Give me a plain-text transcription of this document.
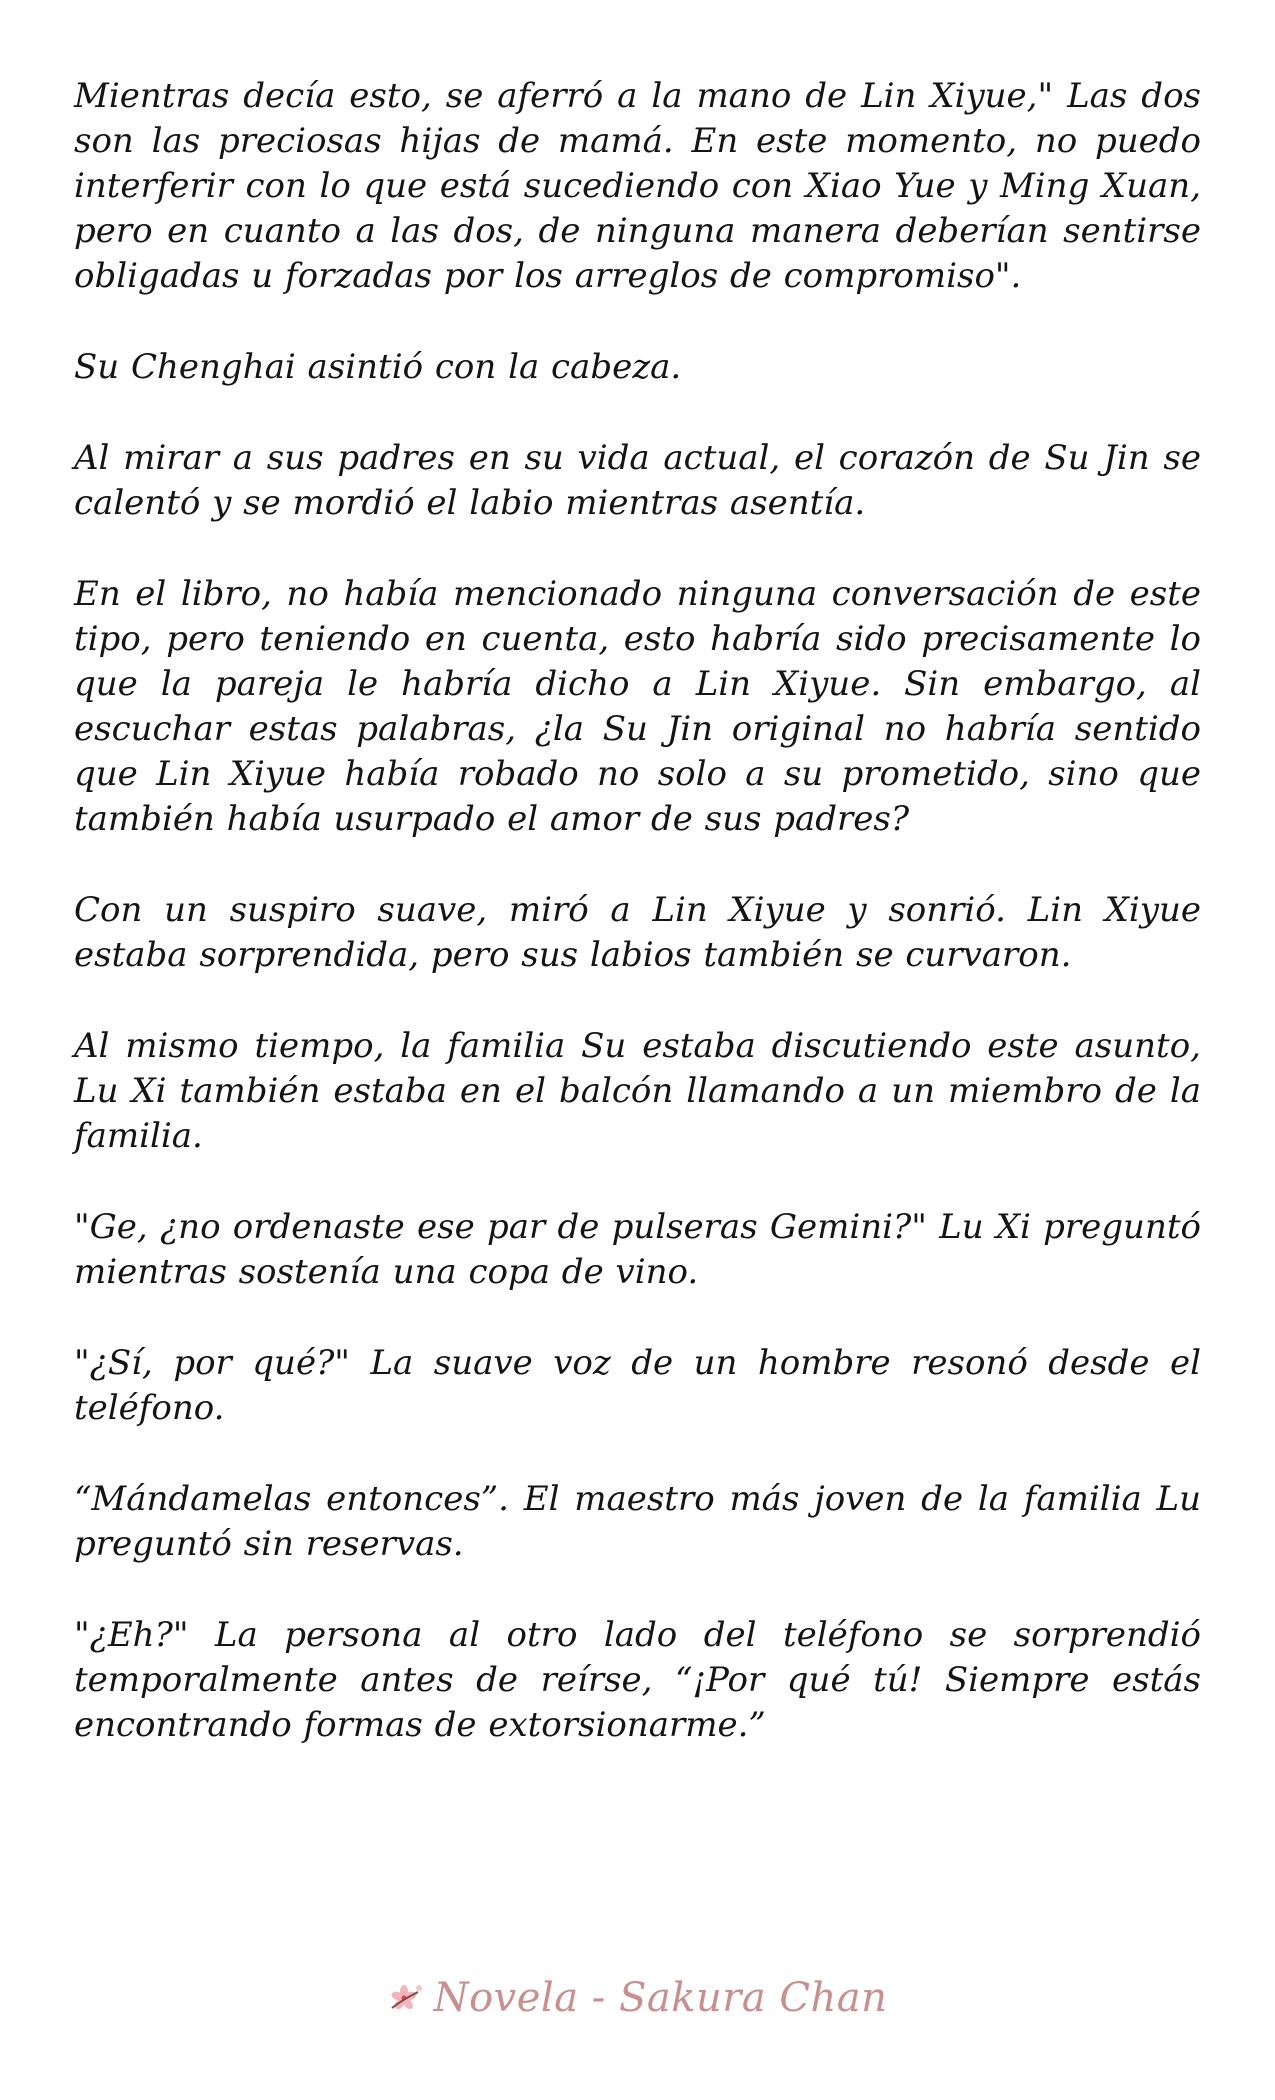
Mientras decía esto, se aferró a la mano de Lin Xiyue," Las dos son las preciosas hijas de mamá. En este momento, no puedo interferir con lo que está sucediendo con Xiao Yue y Ming Xuan, pero en cuanto a las dos, de ninguna manera deberían sentirse obligadas u forzadas por los arreglos de compromiso".

Su Chenghai asintió con la cabeza.

Al mirar a sus padres en su vida actual, el corazón de Su Jin se calentó y se mordió el labio mientras asentía.

En el libro, no había mencionado ninguna conversación de este tipo, pero teniendo en cuenta, esto habría sido precisamente lo que la pareja le habría dicho a Lin Xiyue. Sin embargo, al escuchar estas palabras, ¿la Su Jin original no habría sentido que Lin Xiyue había robado no solo a su prometido, sino que también había usurpado el amor de sus padres?

Con un suspiro suave, miró a Lin Xiyue y sonrió. Lin Xiyue estaba sorprendida, pero sus labios también se curvaron.

Al mismo tiempo, la familia Su estaba discutiendo este asunto, Lu Xi también estaba en el balcón llamando a un miembro de la familia.

"Ge, ¿no ordenaste ese par de pulseras Gemini?" Lu Xi preguntó mientras sostenía una copa de vino.

"¿Sí, por qué?" La suave voz de un hombre resonó desde el teléfono.

“Mándamelas entonces”. El maestro más joven de la familia Lu preguntó sin reservas.

"¿Eh?" La persona al otro lado del teléfono se sorprendió temporalmente antes de reírse, “¡Por qué tú! Siempre estás encontrando formas de extorsionarme.”

Novela - Sakura Chan
